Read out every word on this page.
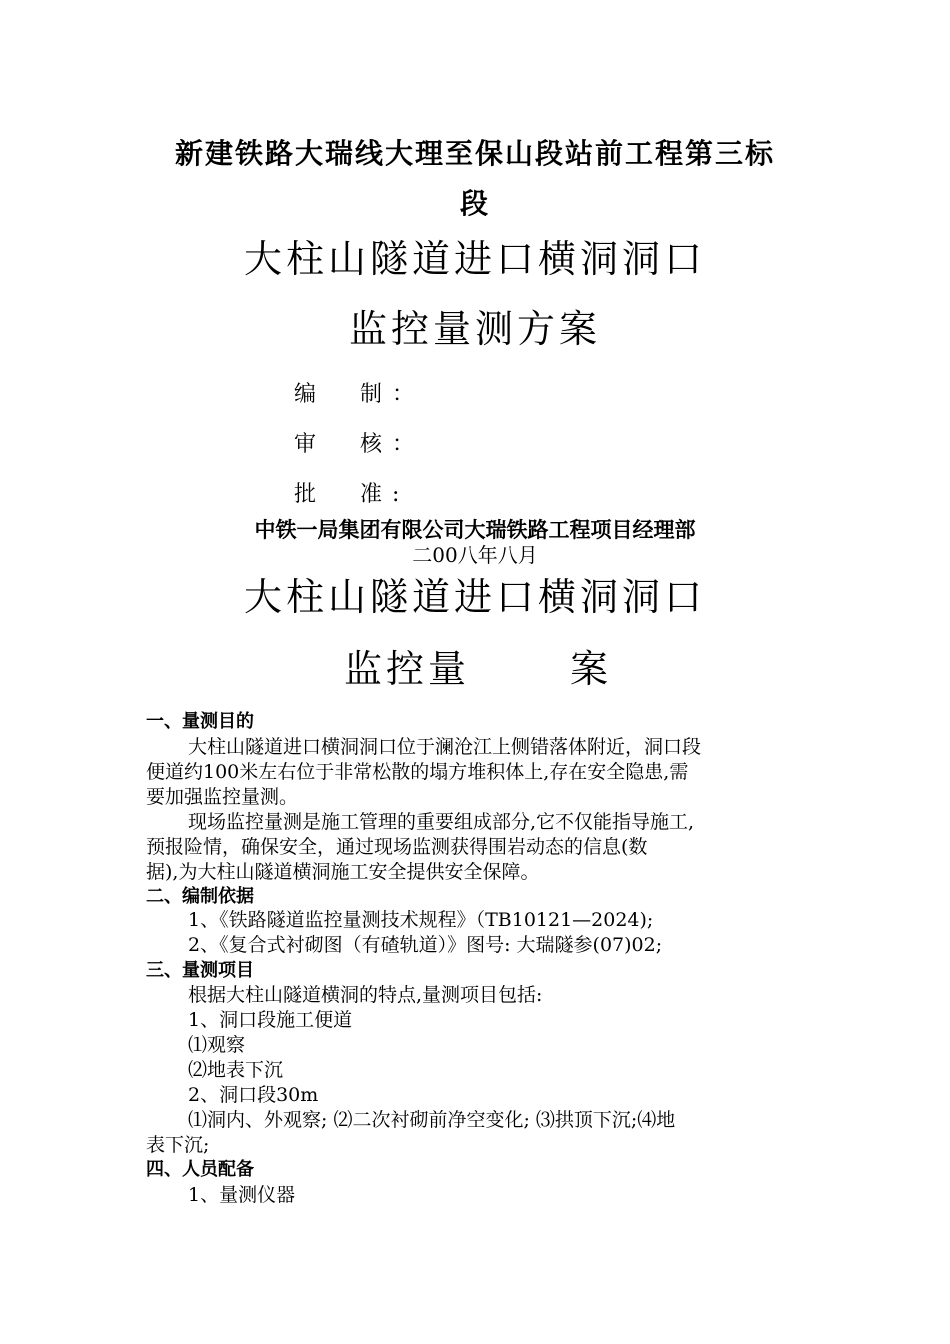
新建铁路大瑞线大理至保山段站前工程第三标
段
大柱山隧道进口横洞洞口
监控量测方案
编　　制 ：
审　　核 ：
批　　准 :
中铁一局集团有限公司大瑞铁路工程项目经理部
二00八年八月
大柱山隧道进口横洞洞口
监控量	案
一、量测目的
大柱山隧道进口横洞洞口位于澜沧江上侧错落体附近，洞口段
便道约100米左右位于非常松散的塌方堆积体上,存在安全隐患,需
要加强监控量测。
现场监控量测是施工管理的重要组成部分,它不仅能指导施工,
预报险情，确保安全，通过现场监测获得围岩动态的信息(数
据),为大柱山隧道横洞施工安全提供安全保障。
二、编制依据
1、《铁路隧道监控量测技术规程》（TB10121—2024);
2、《复合式衬砌图（有碴轨道）》图号: 大瑞隧参(07)02;
三、量测项目
根据大柱山隧道横洞的特点,量测项目包括:
1、洞口段施工便道
⑴观察
⑵地表下沉
2、洞口段30m
⑴洞内、外观察; ⑵二次衬砌前净空变化; ⑶拱顶下沉;⑷地
表下沉;
四、人员配备
1、量测仪器
